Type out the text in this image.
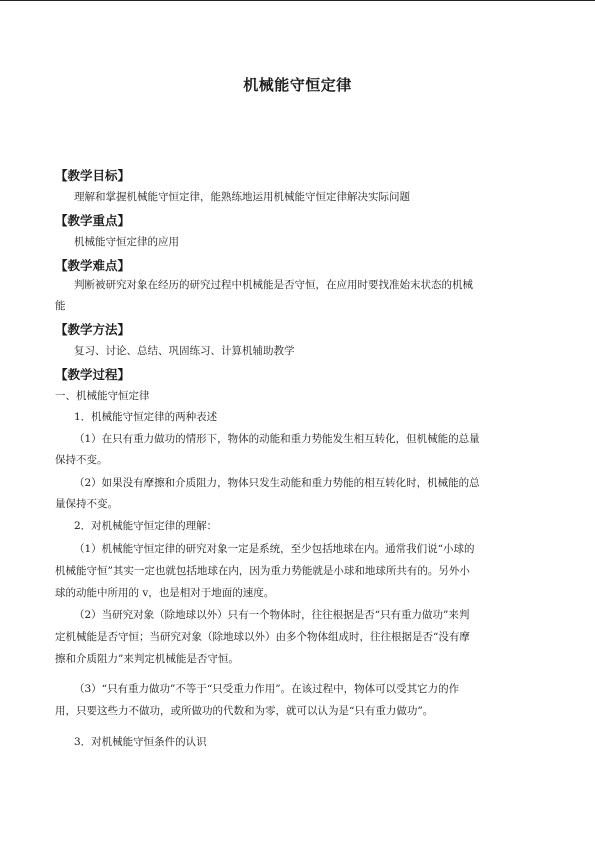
机械能守恒定律
【教学目标】
理解和掌握机械能守恒定律，能熟练地运用机械能守恒定律解决实际问题
【教学重点】
机械能守恒定律的应用
【教学难点】
判断被研究对象在经历的研究过程中机械能是否守恒，在应用时要找准始末状态的机械
能
【教学方法】
复习、讨论、总结、巩固练习、计算机辅助教学
【教学过程】
一、机械能守恒定律
1．机械能守恒定律的两种表述
（1）在只有重力做功的情形下，物体的动能和重力势能发生相互转化，但机械能的总量
保持不变。
（2）如果没有摩擦和介质阻力，物体只发生动能和重力势能的相互转化时，机械能的总
量保持不变。
2．对机械能守恒定律的理解：
（1）机械能守恒定律的研究对象一定是系统，至少包括地球在内。通常我们说“小球的
机械能守恒”其实一定也就包括地球在内，因为重力势能就是小球和地球所共有的。另外小
球的动能中所用的 v，也是相对于地面的速度。
（2）当研究对象（除地球以外）只有一个物体时，往往根据是否“只有重力做功”来判
定机械能是否守恒；当研究对象（除地球以外）由多个物体组成时，往往根据是否“没有摩
擦和介质阻力”来判定机械能是否守恒。
（3）“只有重力做功”不等于“只受重力作用”。在该过程中，物体可以受其它力的作
用，只要这些力不做功，或所做功的代数和为零，就可以认为是“只有重力做功”。
3．对机械能守恒条件的认识
